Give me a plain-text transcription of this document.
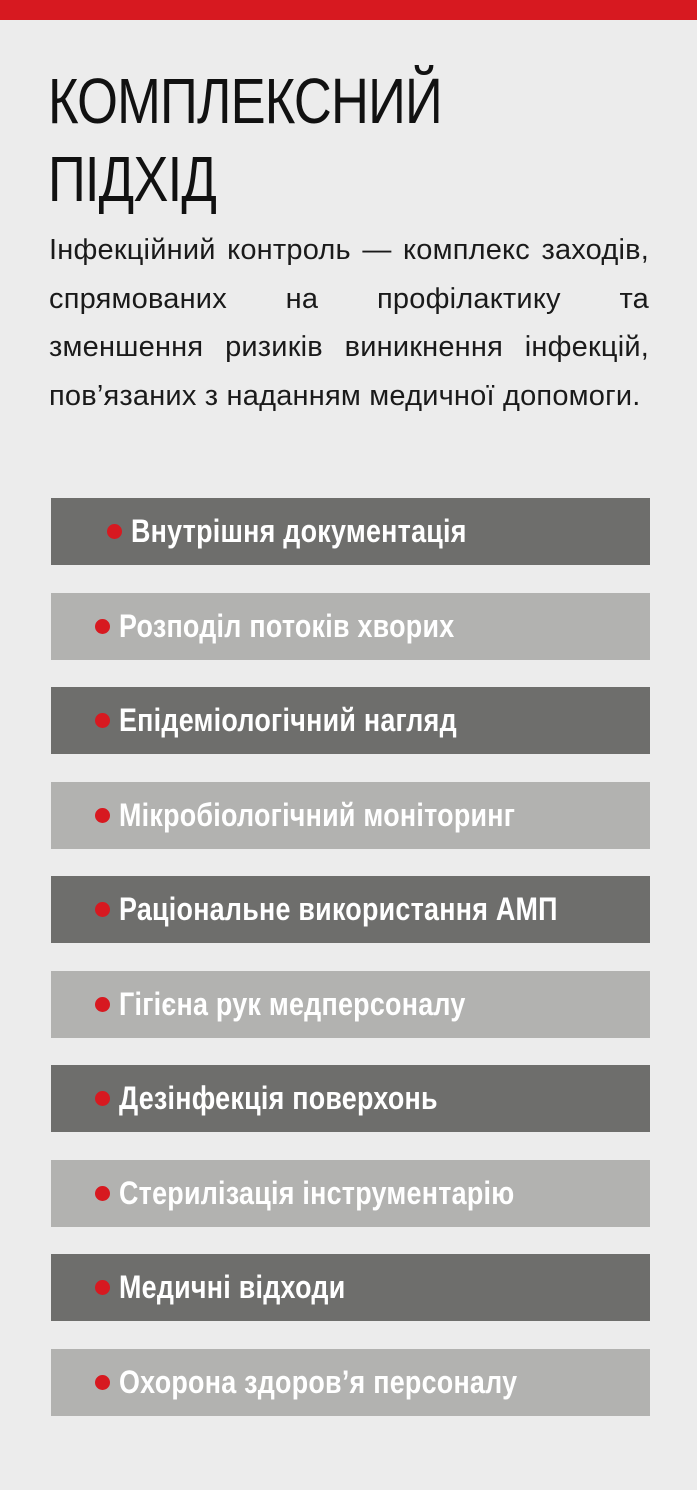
КОМПЛЕКСНИЙ
ПІДХІД

Інфекційний контроль — комплекс заходів, спрямованих на профілактику та зменшення ризиків виникнення інфекцій, пов’язаних з наданням медичної допомоги.

Внутрішня документація
Розподіл потоків хворих
Епідеміологічний нагляд
Мікробіологічний моніторинг
Раціональне використання АМП
Гігієна рук медперсоналу
Дезінфекція поверхонь
Стерилізація інструментарію
Медичні відходи
Охорона здоров’я персоналу
